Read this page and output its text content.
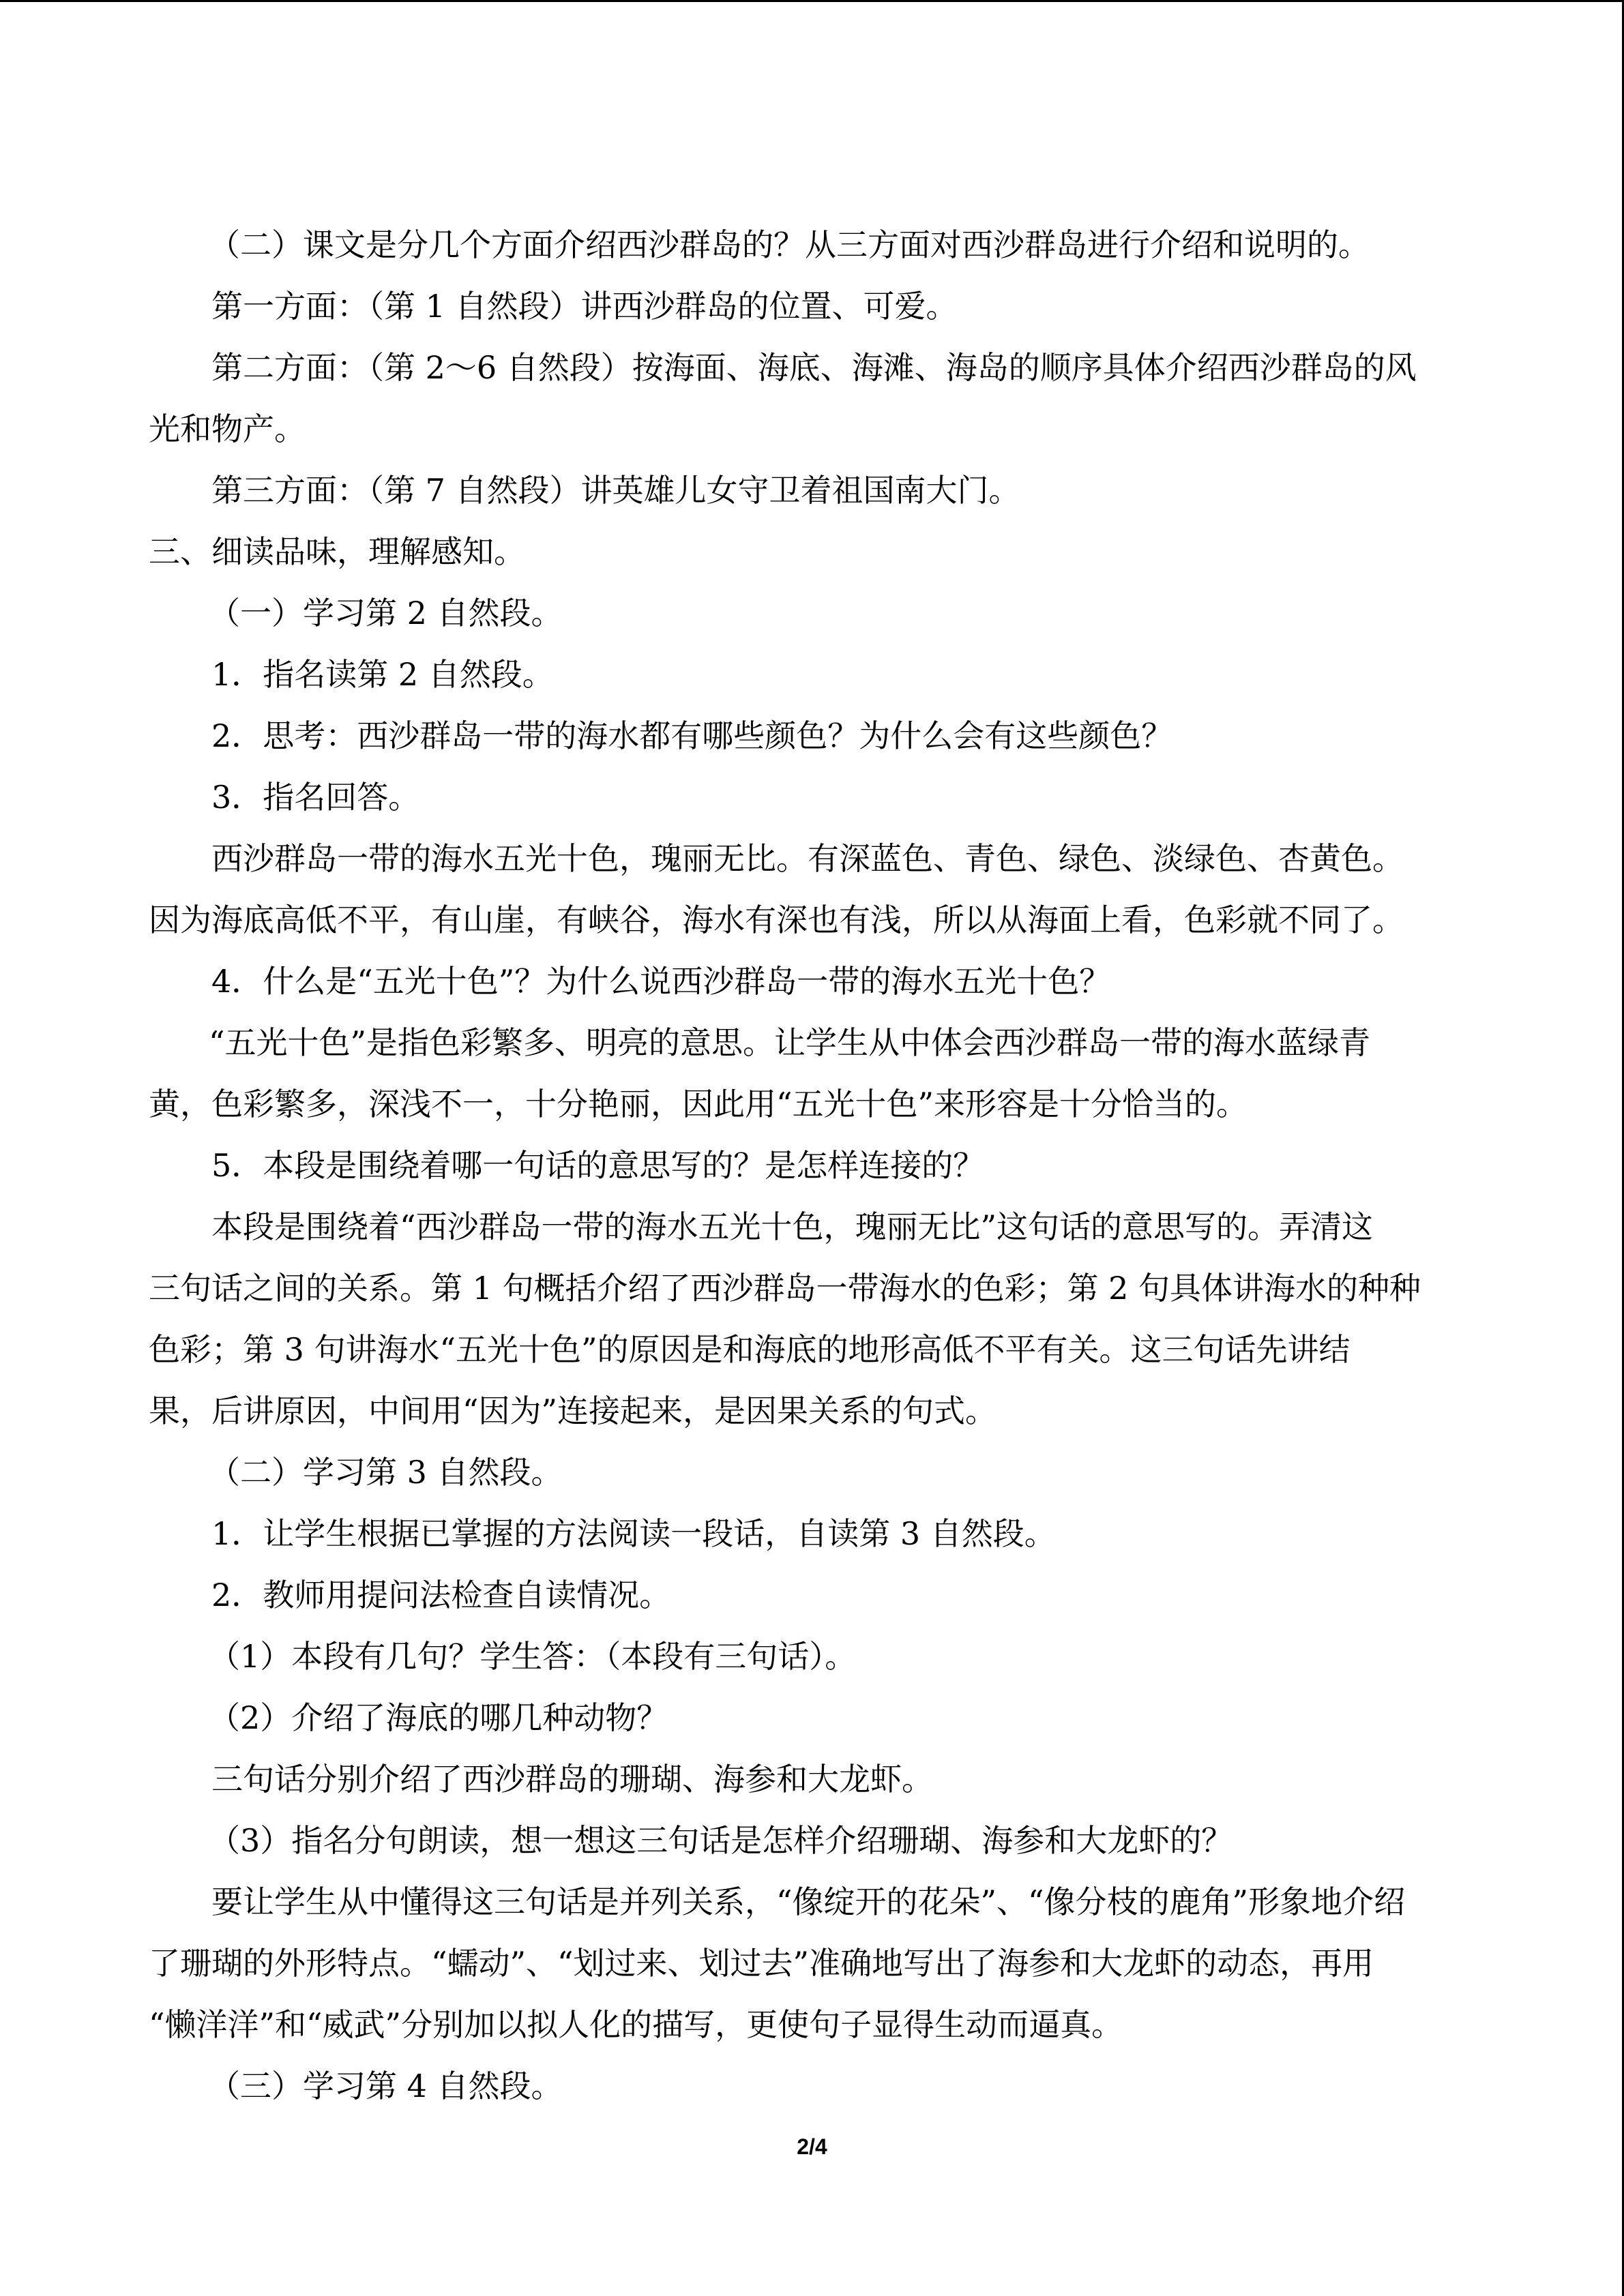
（二）课文是分几个方面介绍西沙群岛的？从三方面对西沙群岛进行介绍和说明的。
第一方面：（第 1 自然段）讲西沙群岛的位置、可爱。
第二方面：（第 2～6 自然段）按海面、海底、海滩、海岛的顺序具体介绍西沙群岛的风
光和物产。
第三方面：（第 7 自然段）讲英雄儿女守卫着祖国南大门。
三、细读品味，理解感知。
（一）学习第 2 自然段。
1．指名读第 2 自然段。
2．思考：西沙群岛一带的海水都有哪些颜色？为什么会有这些颜色？
3．指名回答。
西沙群岛一带的海水五光十色，瑰丽无比。有深蓝色、青色、绿色、淡绿色、杏黄色。
因为海底高低不平，有山崖，有峡谷，海水有深也有浅，所以从海面上看，色彩就不同了。
4．什么是“五光十色”？为什么说西沙群岛一带的海水五光十色？
“五光十色”是指色彩繁多、明亮的意思。让学生从中体会西沙群岛一带的海水蓝绿青
黄，色彩繁多，深浅不一，十分艳丽，因此用“五光十色”来形容是十分恰当的。
5．本段是围绕着哪一句话的意思写的？是怎样连接的？
本段是围绕着“西沙群岛一带的海水五光十色，瑰丽无比”这句话的意思写的。弄清这
三句话之间的关系。第 1 句概括介绍了西沙群岛一带海水的色彩；第 2 句具体讲海水的种种
色彩；第 3 句讲海水“五光十色”的原因是和海底的地形高低不平有关。这三句话先讲结
果，后讲原因，中间用“因为”连接起来，是因果关系的句式。
（二）学习第 3 自然段。
1．让学生根据已掌握的方法阅读一段话，自读第 3 自然段。
2．教师用提问法检查自读情况。
（1）本段有几句？学生答：（本段有三句话）。
（2）介绍了海底的哪几种动物？
三句话分别介绍了西沙群岛的珊瑚、海参和大龙虾。
（3）指名分句朗读，想一想这三句话是怎样介绍珊瑚、海参和大龙虾的？
要让学生从中懂得这三句话是并列关系，“像绽开的花朵”、“像分枝的鹿角”形象地介绍
了珊瑚的外形特点。“蠕动”、“划过来、划过去”准确地写出了海参和大龙虾的动态，再用
“懒洋洋”和“威武”分别加以拟人化的描写，更使句子显得生动而逼真。
（三）学习第 4 自然段。
2/4
